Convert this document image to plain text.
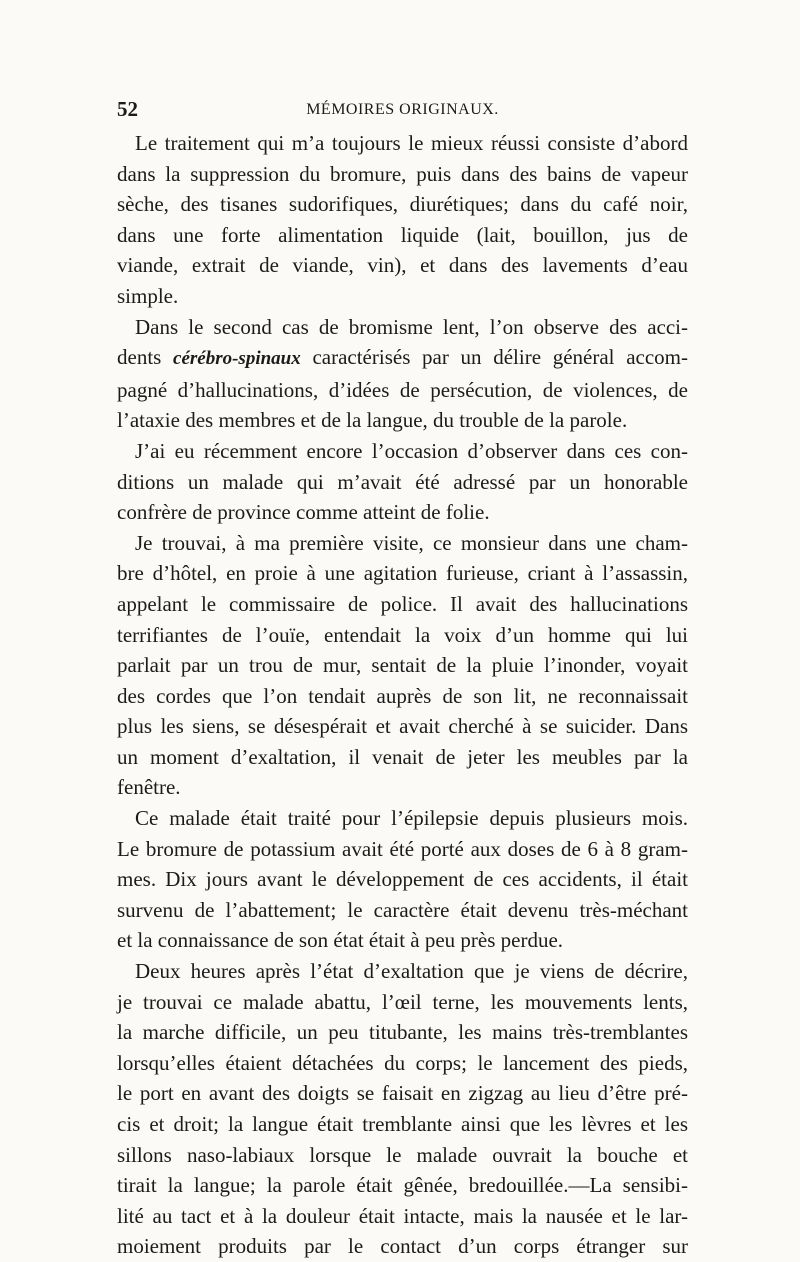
52	MÉMOIRES ORIGINAUX.
Le traitement qui m’a toujours le mieux réussi consiste d’abord
dans la suppression du bromure, puis dans des bains de vapeur
sèche, des tisanes sudorifiques, diurétiques; dans du café noir,
dans une forte alimentation liquide (lait, bouillon, jus de
viande, extrait de viande, vin), et dans des lavements d’eau
simple.
Dans le second cas de bromisme lent, l’on observe des acci-
dents cérébro-spinaux caractérisés par un délire général accom-
pagné d’hallucinations, d’idées de persécution, de violences, de
l’ataxie des membres et de la langue, du trouble de la parole.
J’ai eu récemment encore l’occasion d’observer dans ces con-
ditions un malade qui m’avait été adressé par un honorable
confrère de province comme atteint de folie.
Je trouvai, à ma première visite, ce monsieur dans une cham-
bre d’hôtel, en proie à une agitation furieuse, criant à l’assassin,
appelant le commissaire de police. Il avait des hallucinations
terrifiantes de l’ouïe, entendait la voix d’un homme qui lui
parlait par un trou de mur, sentait de la pluie l’inonder, voyait
des cordes que l’on tendait auprès de son lit, ne reconnaissait
plus les siens, se désespérait et avait cherché à se suicider. Dans
un moment d’exaltation, il venait de jeter les meubles par la
fenêtre.
Ce malade était traité pour l’épilepsie depuis plusieurs mois.
Le bromure de potassium avait été porté aux doses de 6 à 8 gram-
mes. Dix jours avant le développement de ces accidents, il était
survenu de l’abattement; le caractère était devenu très-méchant
et la connaissance de son état était à peu près perdue.
Deux heures après l’état d’exaltation que je viens de décrire,
je trouvai ce malade abattu, l’œil terne, les mouvements lents,
la marche difficile, un peu titubante, les mains très-tremblantes
lorsqu’elles étaient détachées du corps; le lancement des pieds,
le port en avant des doigts se faisait en zigzag au lieu d’être pré-
cis et droit; la langue était tremblante ainsi que les lèvres et les
sillons naso-labiaux lorsque le malade ouvrait la bouche et
tirait la langue; la parole était gênée, bredouillée.—La sensibi-
lité au tact et à la douleur était intacte, mais la nausée et le lar-
moiement produits par le contact d’un corps étranger sur
